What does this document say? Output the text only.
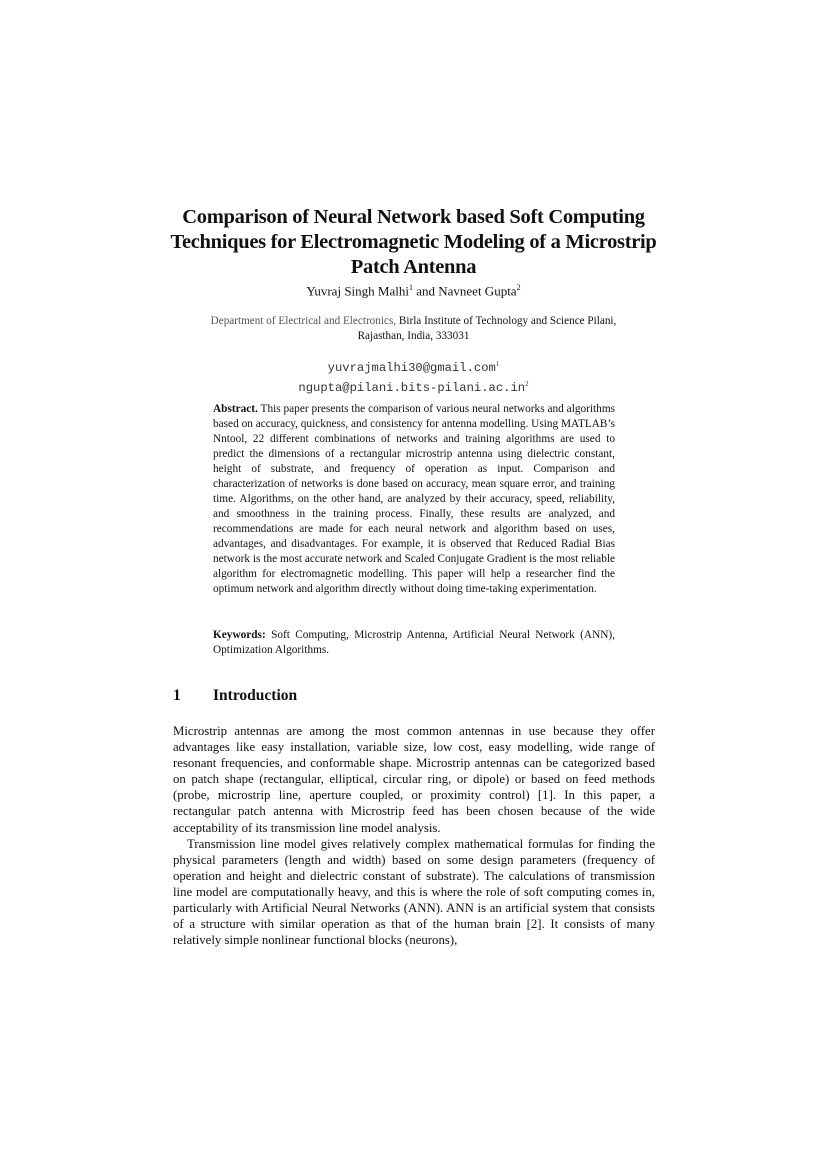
Comparison of Neural Network based Soft Computing
Techniques for Electromagnetic Modeling of a Microstrip
Patch Antenna
Yuvraj Singh Malhi$^1$ and Navneet Gupta$^2$
Department of Electrical and Electronics, Birla Institute of Technology and Science Pilani,
Rajasthan, India, 333031
yuvrajmalhi30@gmail.com$^1$
$ngupta@pilani.bits-pilani.ac.in^2$
Abstract. This paper presents the comparison of various neural networks and algorithms based on accuracy, quickness, and consistency for antenna modelling. Using MATLAB’s Nntool, 22 different combinations of networks and training algorithms are used to predict the dimensions of a rectangular microstrip antenna using dielectric constant, height of substrate, and frequency of operation as input. Comparison and characterization of networks is done based on accuracy, mean square error, and training time. Algorithms, on the other hand, are analyzed by their accuracy, speed, reliability, and smoothness in the training process. Finally, these results are analyzed, and recommendations are made for each neural network and algorithm based on uses, advantages, and disadvantages. For example, it is observed that Reduced Radial Bias network is the most accurate network and Scaled Conjugate Gradient is the most reliable algorithm for electromagnetic modelling. This paper will help a researcher find the optimum network and algorithm directly without doing time-taking experimentation.
Keywords: Soft Computing, Microstrip Antenna, Artificial Neural Network (ANN), Optimization Algorithms.
1 Introduction

Microstrip antennas are among the most common antennas in use because they offer advantages like easy installation, variable size, low cost, easy modelling, wide range of resonant frequencies, and conformable shape. Microstrip antennas can be categorized based on patch shape (rectangular, elliptical, circular ring, or dipole) or based on feed methods (probe, microstrip line, aperture coupled, or proximity control) [1]. In this paper, a rectangular patch antenna with Microstrip feed has been chosen because of the wide acceptability of its transmission line model analysis.

Transmission line model gives relatively complex mathematical formulas for finding the physical parameters (length and width) based on some design parameters (frequency of operation and height and dielectric constant of substrate). The calculations of transmission line model are computationally heavy, and this is where the role of soft computing comes in, particularly with Artificial Neural Networks (ANN). ANN is an artificial system that consists of a structure with similar operation as that of the human brain [2]. It consists of many relatively simple nonlinear functional blocks (neurons),
